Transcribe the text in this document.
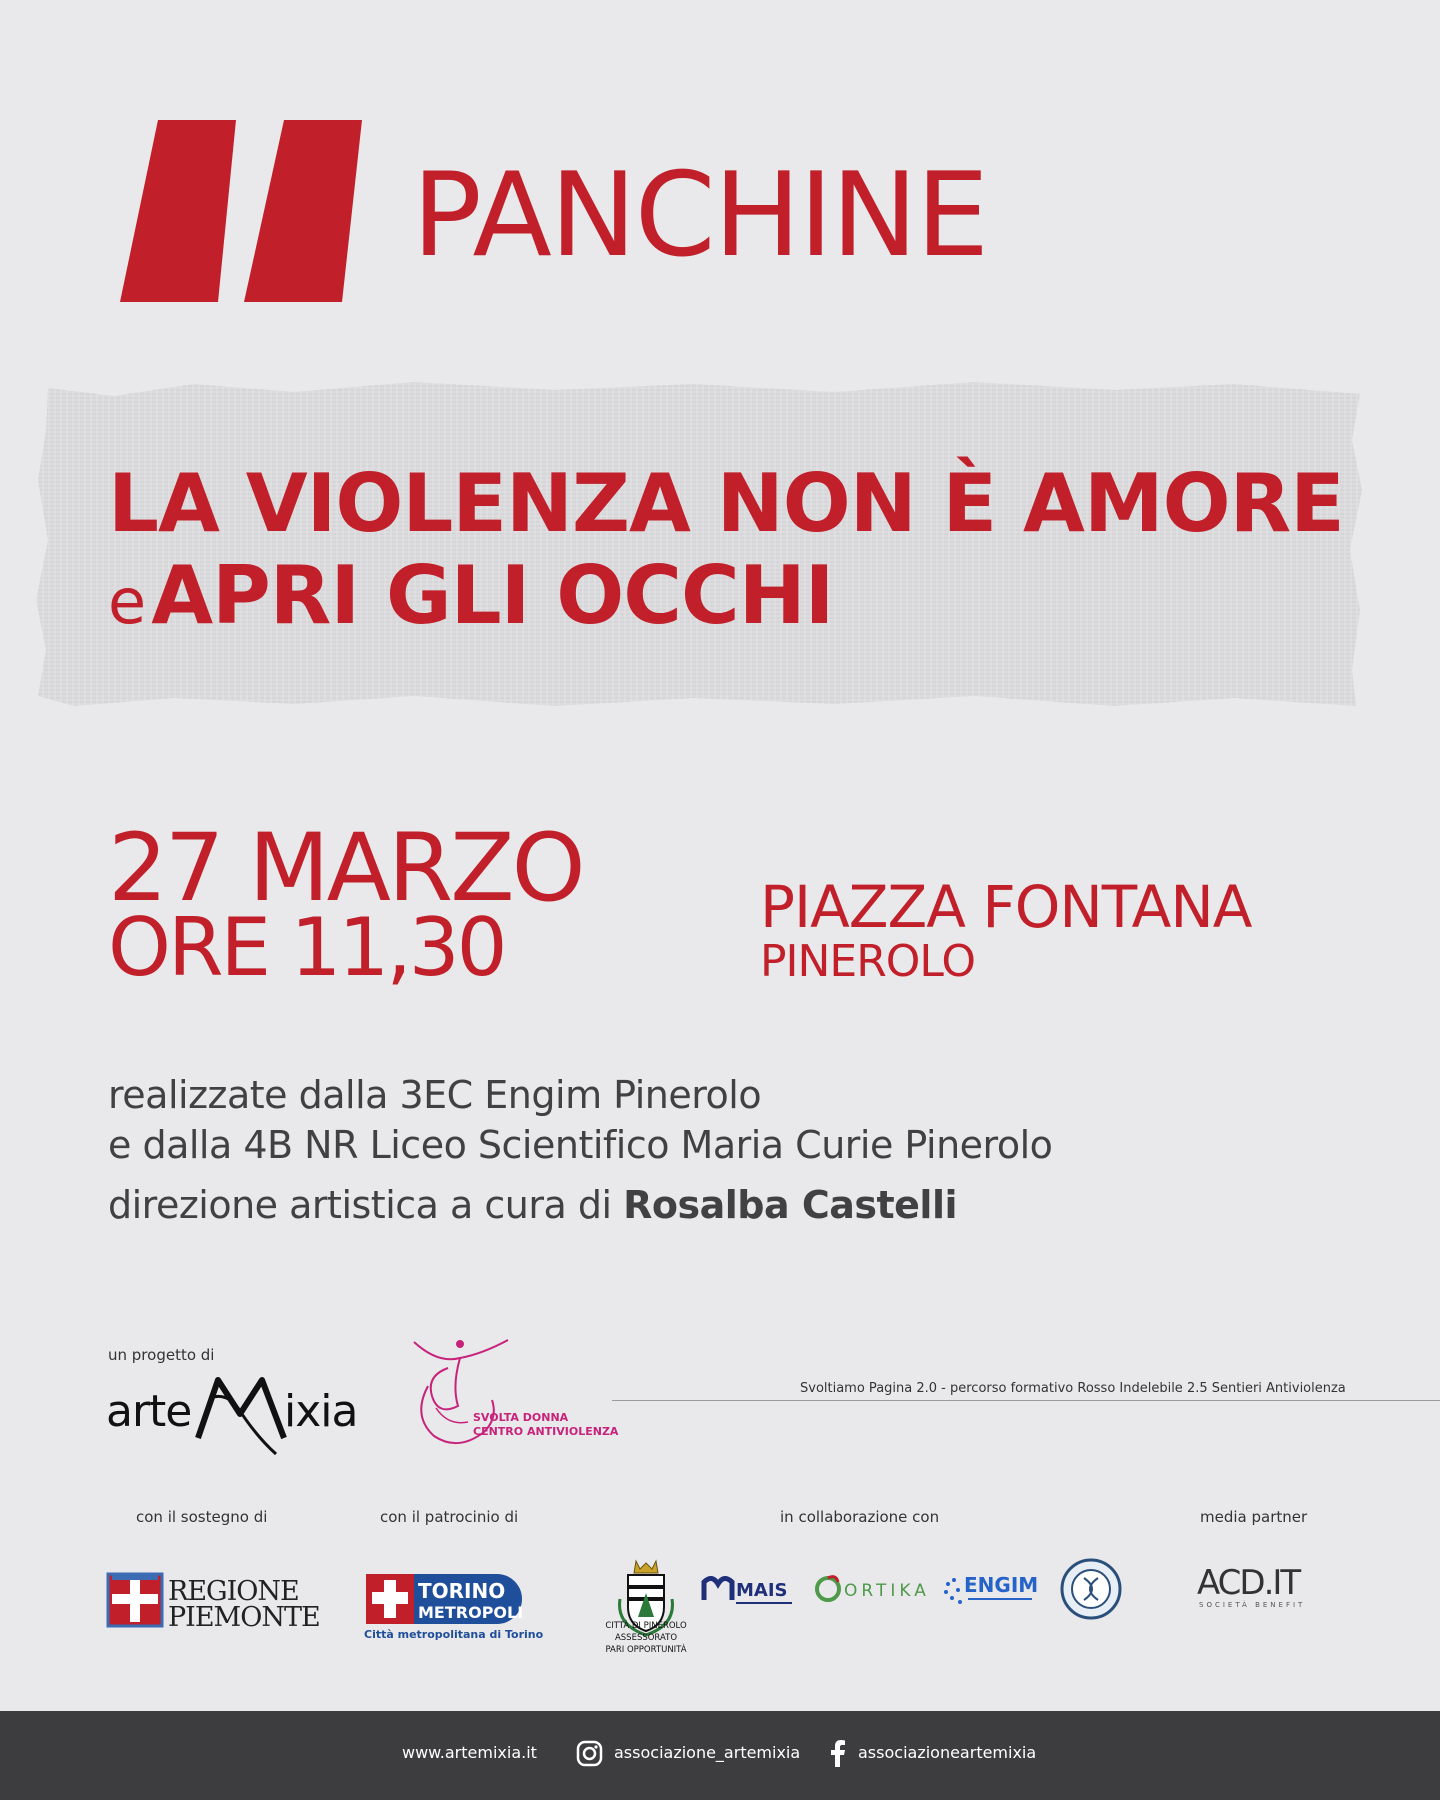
PANCHINE
LA VIOLENZA NON È AMORE
e APRI GLI OCCHI
27 MARZO
ORE 11,30	PIAZZA FONTANA
PINEROLO
realizzate dalla 3EC Engim Pinerolo
e dalla 4B NR Liceo Scientifico Maria Curie Pinerolo
direzione artistica a cura di Rosalba Castelli
un progetto di
arte ixia	SVOLTA DONNA
CENTRO ANTIVIOLENZA
Svoltiamo Pagina 2.0 - percorso formativo Rosso Indelebile 2.5 Sentieri Antiviolenza
con il sostegno di	con il patrocinio di	in collaborazione con	media partner
REGIONE
PIEMONTE
TORINO
METROPOLI
Città metropolitana di Torino
CITTÀ DI PINEROLO
ASSESSORATO
PARI OPPORTUNITÀ
MAIS	ORTIKA ENGIM	ACD.IT
SOCIETÀ BENEFIT
www.artemixia.it	associazione_artemixia	associazioneartemixia
